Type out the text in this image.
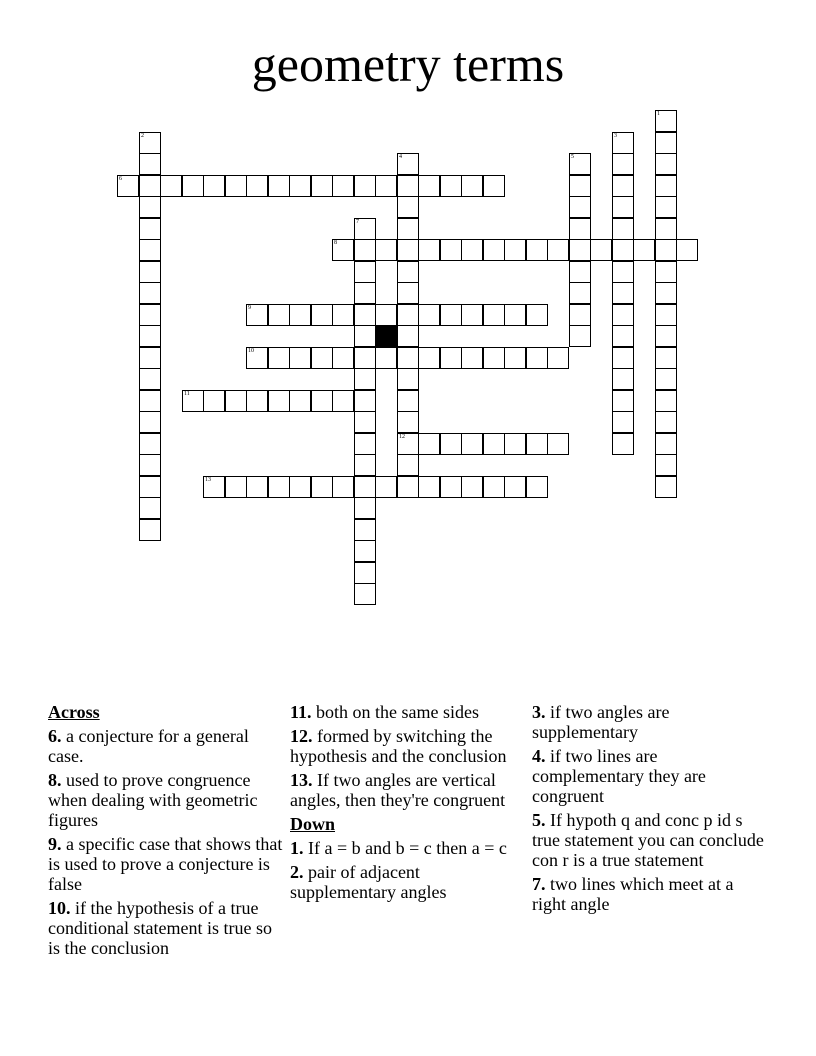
geometry terms
6
8
9
10
11
12
13
1
2	3
4	5
7
Across
6. a conjecture for a general case.
8. used to prove congruence when dealing with geometric figures
9. a specific case that shows that is used to prove a conjecture is false
10. if the hypothesis of a true conditional statement is true so is the conclusion
11. both on the same sides
12. formed by switching the hypothesis and the conclusion
13. If two angles are vertical angles, then they're congruent
Down
1. If a = b and b = c then a = c
2. pair of adjacent supplementary angles
3. if two angles are supplementary
4. if two lines are complementary they are congruent
5. If hypoth q and conc p id s true statement you can conclude con r is a true statement
7. two lines which meet at a right angle
